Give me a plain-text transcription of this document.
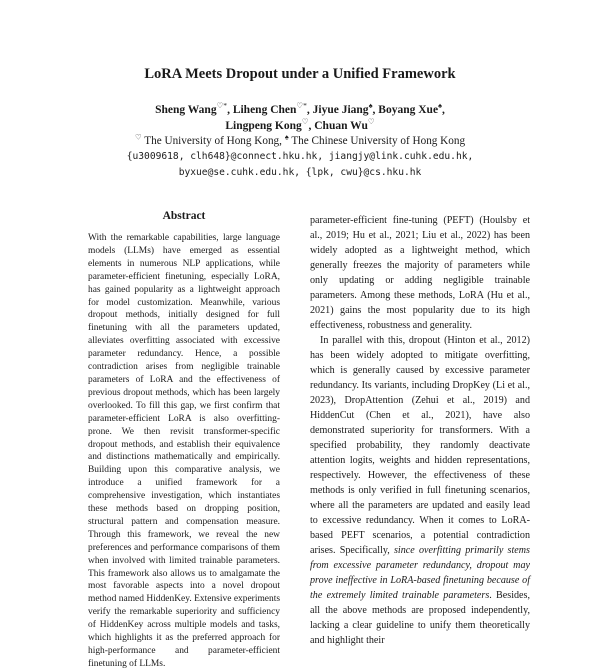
LoRA Meets Dropout under a Unified Framework
Sheng Wang♡*, Liheng Chen♡*, Jiyue Jiang♠, Boyang Xue♠,
Lingpeng Kong♡, Chuan Wu♡
♡ The University of Hong Kong, ♠ The Chinese University of Hong Kong
{u3009618, clh648}@connect.hku.hk, jiangjy@link.cuhk.edu.hk,
byxue@se.cuhk.edu.hk, {lpk, cwu}@cs.hku.hk
Abstract
With the remarkable capabilities, large language models (LLMs) have emerged as essential elements in numerous NLP applications, while parameter-efficient finetuning, especially LoRA, has gained popularity as a lightweight approach for model customization. Meanwhile, various dropout methods, initially designed for full finetuning with all the parameters updated, alleviates overfitting associated with excessive parameter redundancy. Hence, a possible contradiction arises from negligible trainable parameters of LoRA and the effectiveness of previous dropout methods, which has been largely overlooked. To fill this gap, we first confirm that parameter-efficient LoRA is also overfitting-prone. We then revisit transformer-specific dropout methods, and establish their equivalence and distinctions mathematically and empirically. Building upon this comparative analysis, we introduce a unified framework for a comprehensive investigation, which instantiates these methods based on dropping position, structural pattern and compensation measure. Through this framework, we reveal the new preferences and performance comparisons of them when involved with limited trainable parameters. This framework also allows us to amalgamate the most favorable aspects into a novel dropout method named HiddenKey. Extensive experiments verify the remarkable superiority and sufficiency of HiddenKey across multiple models and tasks, which highlights it as the preferred approach for high-performance and parameter-efficient finetuning of LLMs.

parameter-efficient fine-tuning (PEFT) (Houlsby et al., 2019; Hu et al., 2021; Liu et al., 2022) has been widely adopted as a lightweight method, which generally freezes the majority of parameters while only updating or adding negligible trainable parameters. Among these methods, LoRA (Hu et al., 2021) gains the most popularity due to its high effectiveness, robustness and generality.

In parallel with this, dropout (Hinton et al., 2012) has been widely adopted to mitigate overfitting, which is generally caused by excessive parameter redundancy. Its variants, including DropKey (Li et al., 2023), DropAttention (Zehui et al., 2019) and HiddenCut (Chen et al., 2021), have also demonstrated superiority for transformers. With a specified probability, they randomly deactivate attention logits, weights and hidden representations, respectively. However, the effectiveness of these methods is only verified in full finetuning scenarios, where all the parameters are updated and easily lead to excessive redundancy. When it comes to LoRA-based PEFT scenarios, a potential contradiction arises. Specifically, since overfitting primarily stems from excessive parameter redundancy, dropout may prove ineffective in LoRA-based finetuning because of the extremely limited trainable parameters. Besides, all the above methods are proposed independently, lacking a clear guideline to unify them theoretically and highlight their
